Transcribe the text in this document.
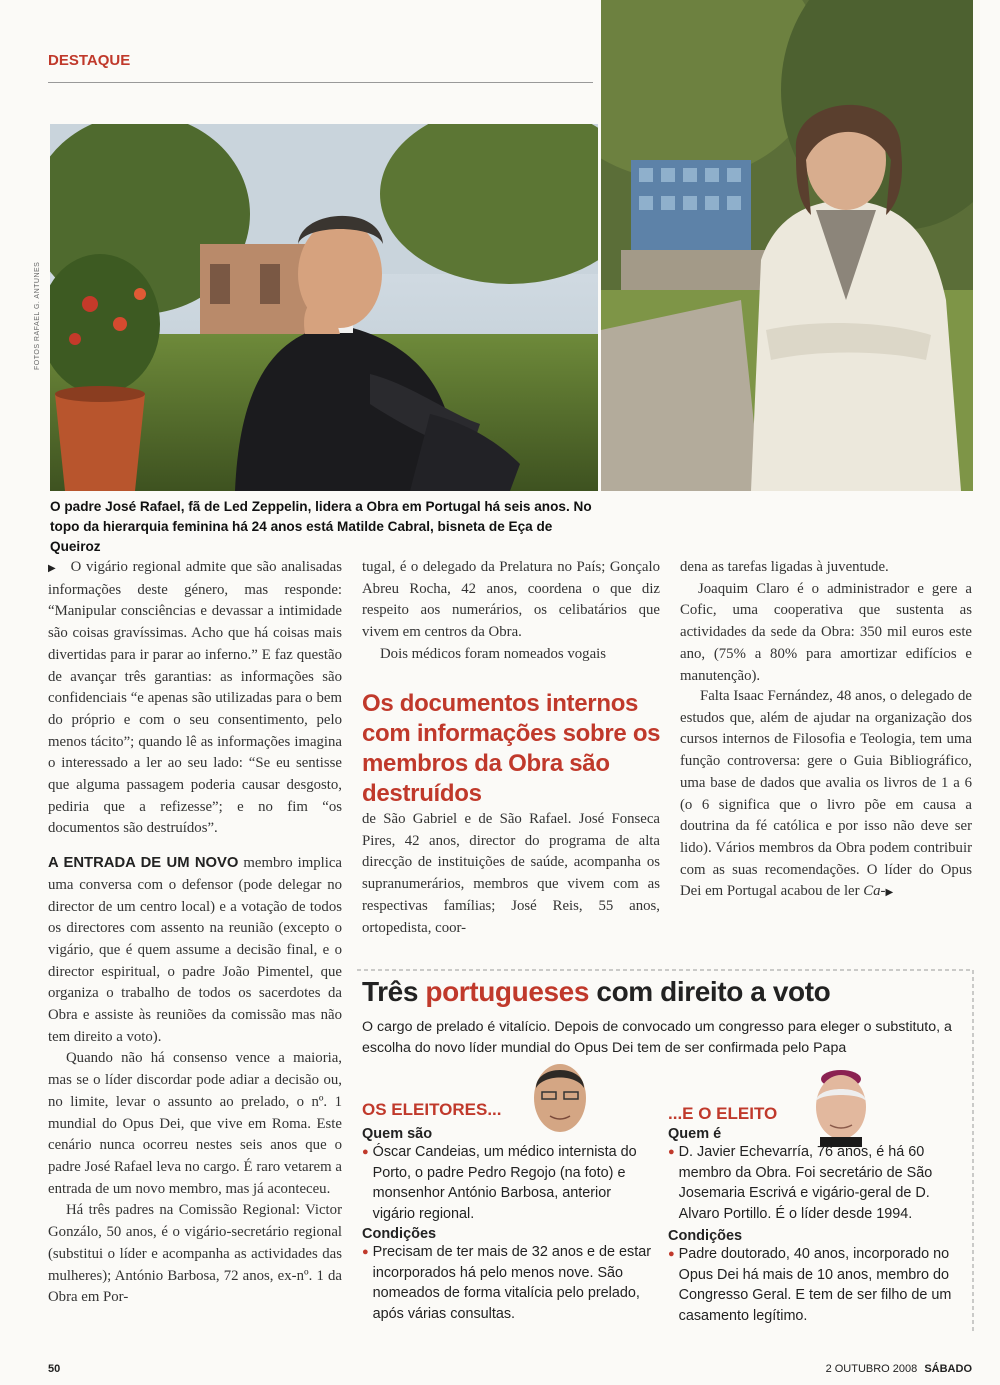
DESTAQUE
FOTOS RAFAEL G. ANTUNES
O padre José Rafael, fã de Led Zeppelin, lidera a Obra em Portugal há seis anos. No
topo da hierarquia feminina há 24 anos está Matilde Cabral, bisneta de Eça de Queiroz

▶    O vigário regional admite que são analisadas informações deste género, mas responde: “Manipular consciências e devassar a intimidade são coisas gravíssimas. Acho que há coisas mais divertidas para ir parar ao inferno.” E faz questão de avançar três garantias: as informações são confidenciais “e apenas são utilizadas para o bem do próprio e com o seu consentimento, pelo menos tácito”; quando lê as informações imagina o interessado a ler ao seu lado: “Se eu sentisse que alguma passagem poderia causar desgosto, pediria que a refizesse”; e no fim “os documentos são destruídos”.

A ENTRADA DE UM NOVO membro implica uma conversa com o defensor (pode delegar no director de um centro local) e a votação de todos os directores com assento na reunião (excepto o vigário, que é quem assume a decisão final, e o director espiritual, o padre João Pimentel, que organiza o trabalho de todos os sacerdotes da Obra e assiste às reuniões da comissão mas não tem direito a voto).

Quando não há consenso vence a maioria, mas se o líder discordar pode adiar a decisão ou, no limite, levar o assunto ao prelado, o nº. 1 mundial do Opus Dei, que vive em Roma. Este cenário nunca ocorreu nestes seis anos que o padre José Rafael leva no cargo. É raro vetarem a entrada de um novo membro, mas já aconteceu.

Há três padres na Comissão Regional: Victor Gonzálo, 50 anos, é o vigário-secretário regional (substitui o líder e acompanha as actividades das mulheres); António Barbosa, 72 anos, ex-nº. 1 da Obra em Por-

tugal, é o delegado da Prelatura no País; Gonçalo Abreu Rocha, 42 anos, coordena o que diz respeito aos numerários, os celibatários que vivem em centros da Obra.

Dois médicos foram nomeados vogais

Os documentos internos com informações sobre os membros da Obra são destruídos

de São Gabriel e de São Rafael. José Fonseca Pires, 42 anos, director do programa de alta direcção de instituições de saúde, acompanha os supranumerários, membros que vivem com as respectivas famílias; José Reis, 55 anos, ortopedista, coor-

dena as tarefas ligadas à juventude.

Joaquim Claro é o administrador e gere a Cofic, uma cooperativa que sustenta as actividades da sede da Obra: 350 mil euros este ano, (75% a 80% para amortizar edifícios e manutenção).

Falta Isaac Fernández, 48 anos, o delegado de estudos que, além de ajudar na organização dos cursos internos de Filosofia e Teologia, tem uma função controversa: gere o Guia Bibliográfico, uma base de dados que avalia os livros de 1 a 6 (o 6 significa que o livro põe em causa a doutrina da fé católica e por isso não deve ser lido). Vários membros da Obra podem contribuir com as suas recomendações. O líder do Opus Dei em Portugal acabou de ler Ca-▶

Três portugueses com direito a voto
O cargo de prelado é vitalício. Depois de convocado um congresso para eleger o substituto, a escolha do novo líder mundial do Opus Dei tem de ser confirmada pelo Papa
OS ELEITORES...
Quem são
● Óscar Candeias, um médico internista do Porto, o padre Pedro Regojo (na foto) e monsenhor António Barbosa, anterior vigário regional.
Condições
● Precisam de ter mais de 32 anos e de estar incorporados há pelo menos nove. São nomeados de forma vitalícia pelo prelado, após várias consultas.
...E O ELEITO
Quem é
● D. Javier Echevarría, 76 anos, é há 60 membro da Obra. Foi secretário de São Josemaria Escrivá e vigário-geral de D. Alvaro Portillo. É o líder desde 1994.
Condições
● Padre doutorado, 40 anos, incorporado no Opus Dei há mais de 10 anos, membro do Congresso Geral. E tem de ser filho de um casamento legítimo.
50	2 OUTUBRO 2008 SÁBADO
